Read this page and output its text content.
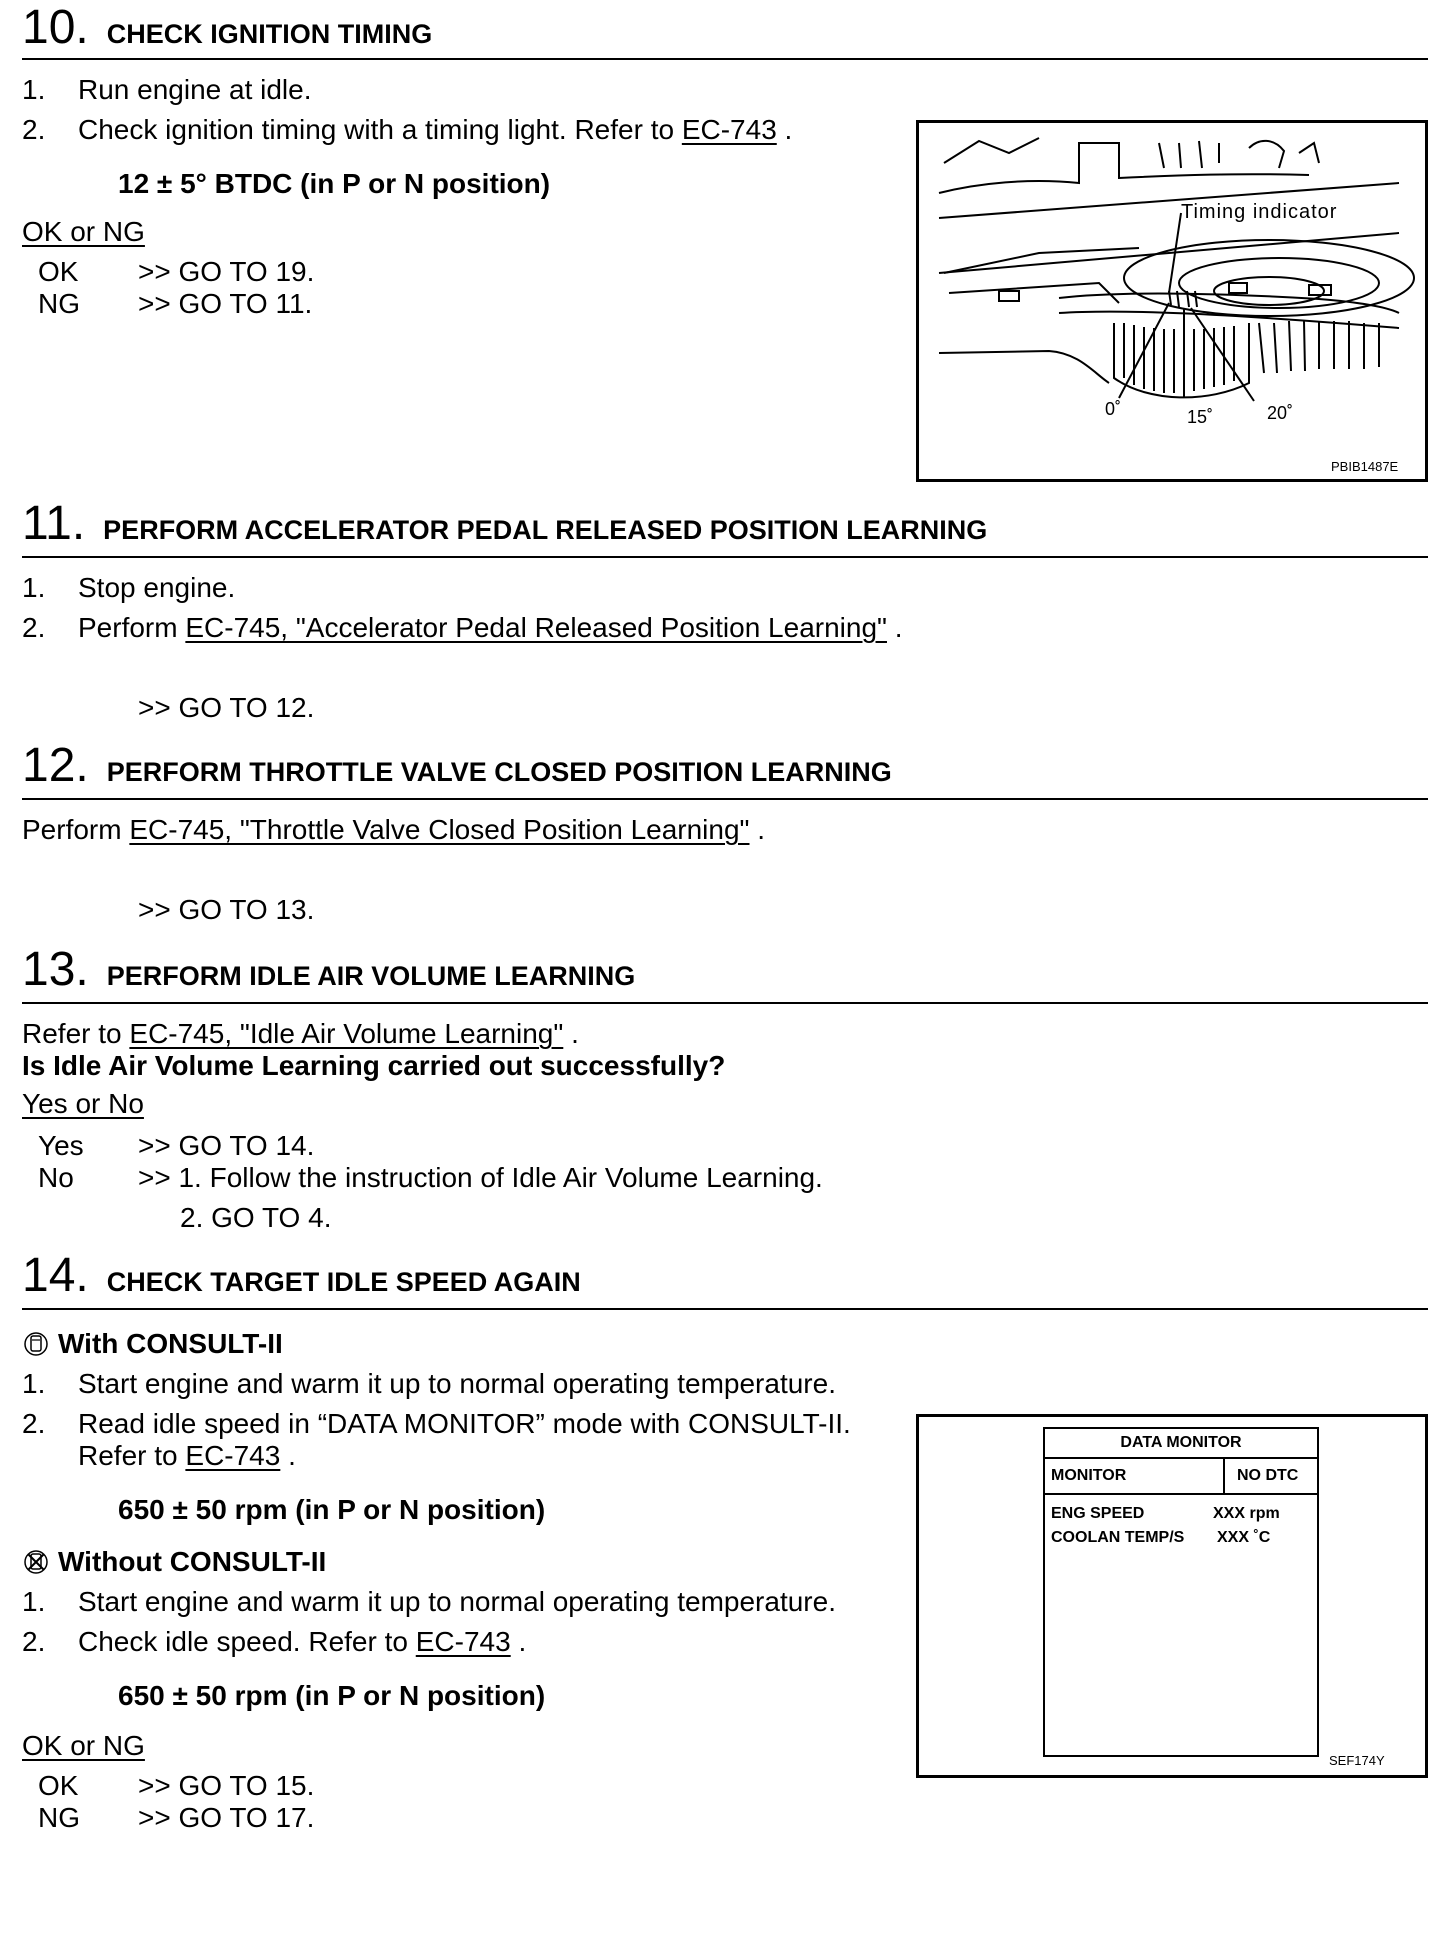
10. CHECK IGNITION TIMING
1. Run engine at idle.
2. Check ignition timing with a timing light. Refer to EC-743 .
12 ± 5° BTDC (in P or N position)
OK or NG
OK >> GO TO 19.
NG >> GO TO 11.
Timing indicator
0˚	15˚	20˚
PBIB1487E
11. PERFORM ACCELERATOR PEDAL RELEASED POSITION LEARNING
1. Stop engine.
2. Perform EC-745, "Accelerator Pedal Released Position Learning" .
>> GO TO 12.
12. PERFORM THROTTLE VALVE CLOSED POSITION LEARNING
Perform EC-745, "Throttle Valve Closed Position Learning" .
>> GO TO 13.
13. PERFORM IDLE AIR VOLUME LEARNING
Refer to EC-745, "Idle Air Volume Learning" .
Is Idle Air Volume Learning carried out successfully?
Yes or No
Yes >> GO TO 14.
No >> 1. Follow the instruction of Idle Air Volume Learning.
2. GO TO 4.
14. CHECK TARGET IDLE SPEED AGAIN
With CONSULT-II
1. Start engine and warm it up to normal operating temperature.
2. Read idle speed in “DATA MONITOR” mode with CONSULT-II.
Refer to EC-743 .
650 ± 50 rpm (in P or N position)
Without CONSULT-II
1. Start engine and warm it up to normal operating temperature.
2. Check idle speed. Refer to EC-743 .
650 ± 50 rpm (in P or N position)
OK or NG
OK >> GO TO 15.
NG >> GO TO 17.
DATA MONITOR
MONITOR	NO DTC
ENG SPEED	XXX rpm
COOLAN TEMP/S XXX ˚C
SEF174Y
